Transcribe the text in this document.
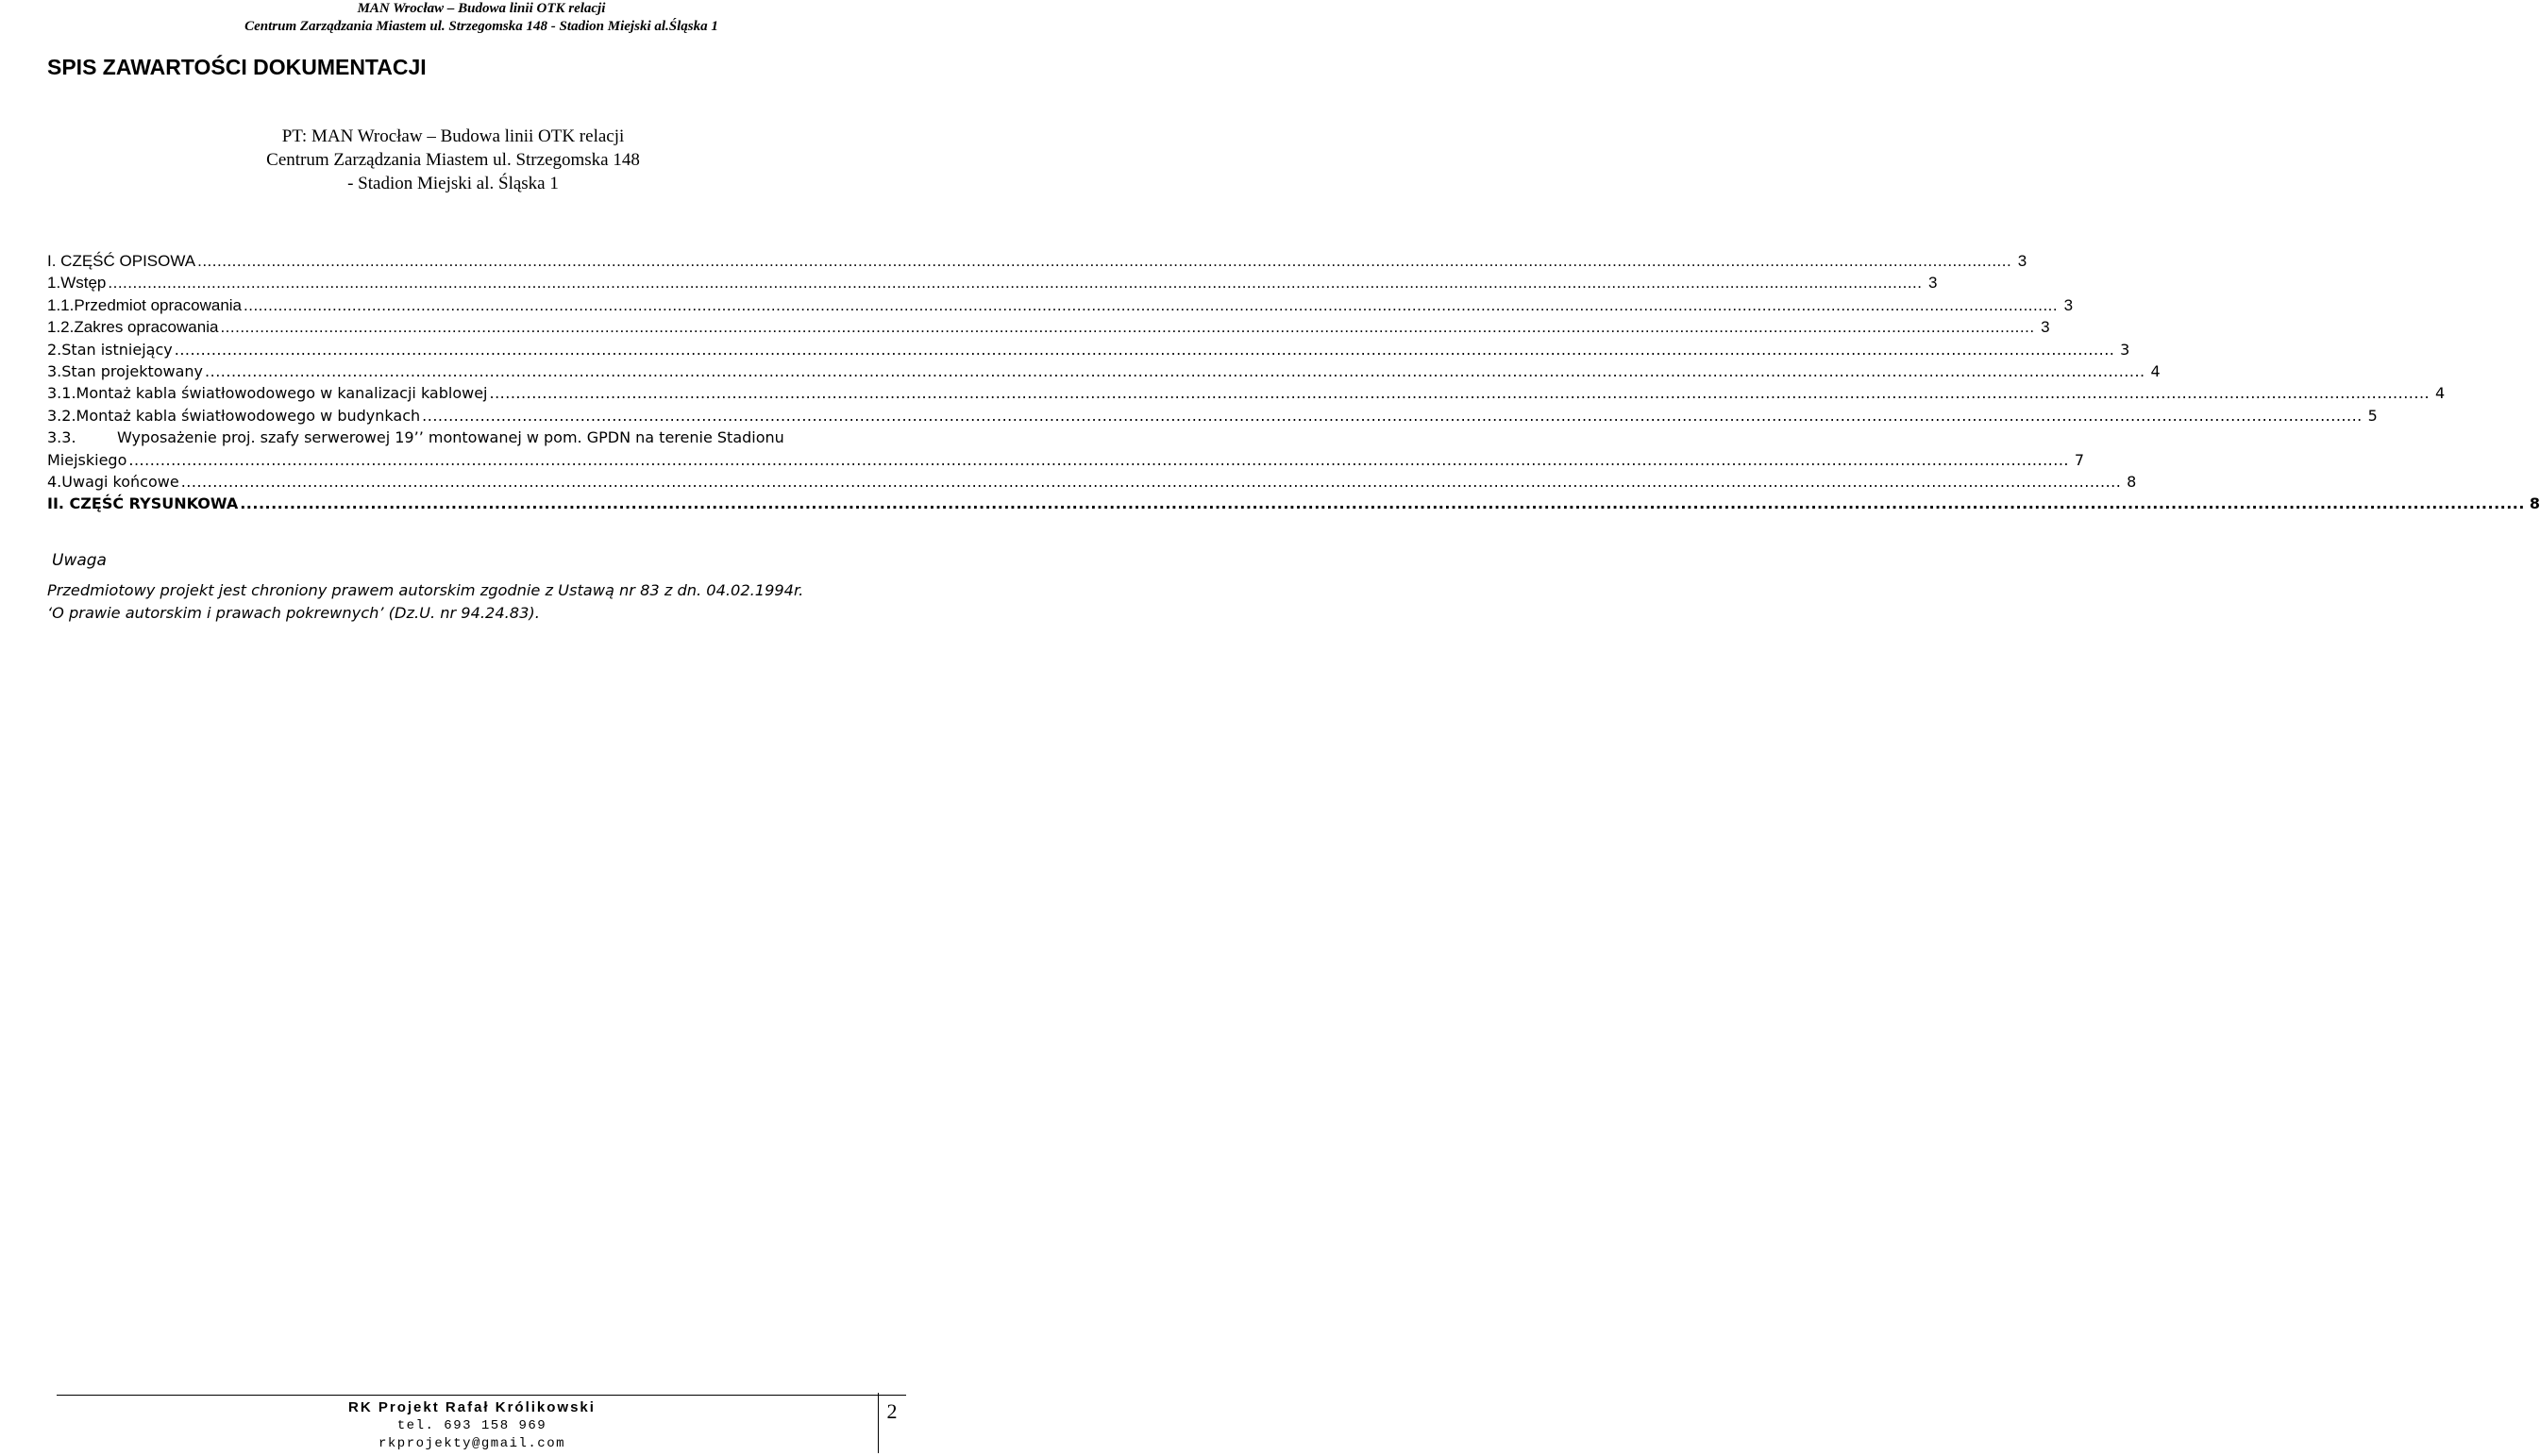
MAN Wrocław – Budowa linii OTK relacji
Centrum Zarządzania Miastem ul. Strzegomska 148 - Stadion Miejski al.Śląska 1
SPIS ZAWARTOŚCI DOKUMENTACJI
PT: MAN Wrocław – Budowa linii OTK relacji
Centrum Zarządzania Miastem ul. Strzegomska 148
- Stadion Miejski al. Śląska 1
I. CZĘŚĆ OPISOWA .....	3
1. Wstęp .....	3
1.1. Przedmiot opracowania .....	3
1.2. Zakres opracowania .....	3
2. Stan istniejący .....	3
3. Stan projektowany .....	4
3.1. Montaż kabla światłowodowego w kanalizacji kablowej .....	4
3.2. Montaż kabla światłowodowego w budynkach .....	5
3.3.	Wyposażenie proj. szafy serwerowej 19’’ montowanej w pom. GPDN na terenie Stadionu
Miejskiego .....	7
4. Uwagi końcowe .....	8
II. CZĘŚĆ RYSUNKOWA .....	8
Uwaga
Przedmiotowy projekt jest chroniony prawem autorskim zgodnie z Ustawą nr 83 z dn. 04.02.1994r.
‘O prawie autorskim i prawach pokrewnych’ (Dz.U. nr 94.24.83).
RK Projekt Rafał Królikowski
tel. 693 158 969
rkprojekty@gmail.com
2
